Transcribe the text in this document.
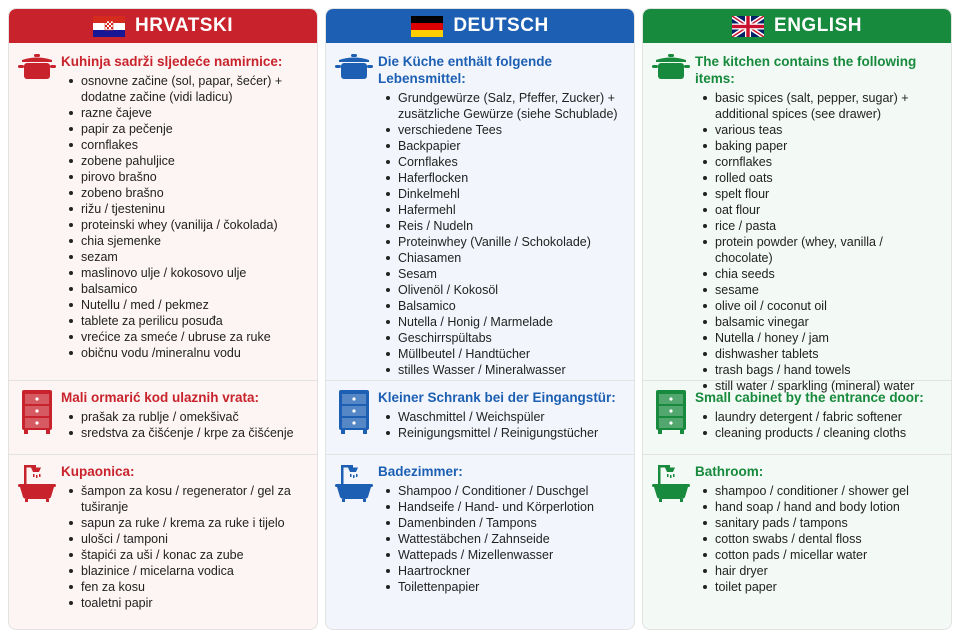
HRVATSKI
Kuhinja sadrži sljedeće namirnice:
osnovne začine (sol, papar, šećer) + dodatne začine (vidi ladicu)
razne čajeve
papir za pečenje
cornflakes
zobene pahuljice
pirovo brašno
zobeno brašno
rižu / tjesteninu
proteinski whey (vanilija / čokolada)
chia sjemenke
sezam
maslinovo ulje / kokosovo ulje
balsamico
Nutellu / med / pekmez
tablete za perilicu posuđa
vrećice za smeće / ubruse za ruke
običnu vodu /mineralnu vodu
Mali ormarić kod ulaznih vrata:
prašak za rublje / omekšivač
sredstva za čišćenje / krpe za čišćenje
Kupaonica:
šampon za kosu / regenerator / gel za tuširanje
sapun za ruke / krema za ruke i tijelo
ulošci / tamponi
štapići za uši / konac za zube
blazinice / micelarna vodica
fen za kosu
toaletni papir
DEUTSCH
Die Küche enthält folgende Lebensmittel:
Grundgewürze (Salz, Pfeffer, Zucker) + zusätzliche Gewürze (siehe Schublade)
verschiedene Tees
Backpapier
Cornflakes
Haferflocken
Dinkelmehl
Hafermehl
Reis / Nudeln
Proteinwhey (Vanille / Schokolade)
Chiasamen
Sesam
Olivenöl / Kokosöl
Balsamico
Nutella / Honig / Marmelade
Geschirrspültabs
Müllbeutel / Handtücher
stilles Wasser / Mineralwasser
Kleiner Schrank bei der Eingangstür:
Waschmittel / Weichspüler
Reinigungsmittel / Reinigungstücher
Badezimmer:
Shampoo / Conditioner / Duschgel
Handseife / Hand- und Körperlotion
Damenbinden / Tampons
Wattestäbchen / Zahnseide
Wattepads / Mizellenwasser
Haartrockner
Toilettenpapier
ENGLISH
The kitchen contains the following items:
basic spices (salt, pepper, sugar) + additional spices (see drawer)
various teas
baking paper
cornflakes
rolled oats
spelt flour
oat flour
rice / pasta
protein powder (whey, vanilla / chocolate)
chia seeds
sesame
olive oil / coconut oil
balsamic vinegar
Nutella / honey / jam
dishwasher tablets
trash bags / hand towels
still water / sparkling (mineral) water
Small cabinet by the entrance door:
laundry detergent / fabric softener
cleaning products / cleaning cloths
Bathroom:
shampoo / conditioner / shower gel
hand soap / hand and body lotion
sanitary pads / tampons
cotton swabs / dental floss
cotton pads / micellar water
hair dryer
toilet paper
